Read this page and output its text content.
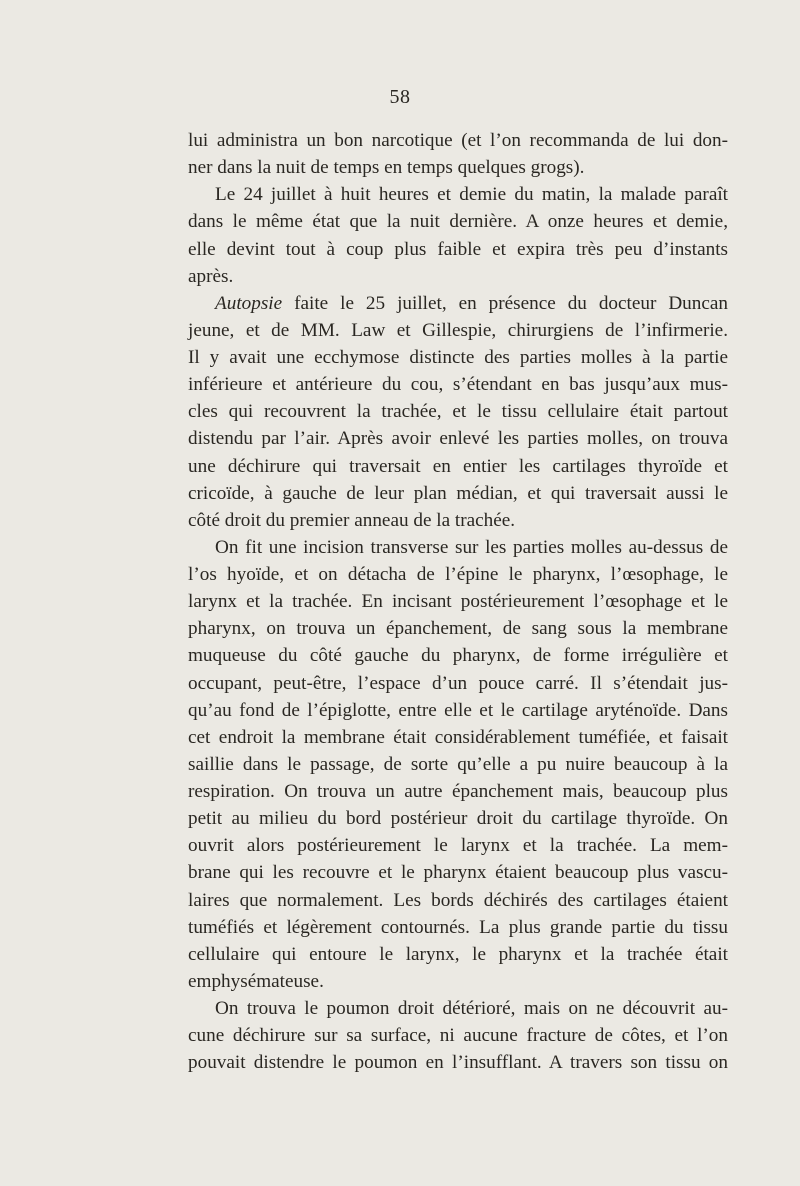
58
lui administra un bon narcotique (et l’on recommanda de lui don-
ner dans la nuit de temps en temps quelques grogs).
Le 24 juillet à huit heures et demie du matin, la malade paraît
dans le même état que la nuit dernière. A onze heures et demie,
elle devint tout à coup plus faible et expira très peu d’instants
après.
Autopsie faite le 25 juillet, en présence du docteur Duncan
jeune, et de MM. Law et Gillespie, chirurgiens de l’infirmerie.
Il y avait une ecchymose distincte des parties molles à la partie
inférieure et antérieure du cou, s’étendant en bas jusqu’aux mus-
cles qui recouvrent la trachée, et le tissu cellulaire était partout
distendu par l’air. Après avoir enlevé les parties molles, on trouva
une déchirure qui traversait en entier les cartilages thyroïde et
cricoïde, à gauche de leur plan médian, et qui traversait aussi le
côté droit du premier anneau de la trachée.
On fit une incision transverse sur les parties molles au-dessus de
l’os hyoïde, et on détacha de l’épine le pharynx, l’œsophage, le
larynx et la trachée. En incisant postérieurement l’œsophage et le
pharynx, on trouva un épanchement, de sang sous la membrane
muqueuse du côté gauche du pharynx, de forme irrégulière et
occupant, peut-être, l’espace d’un pouce carré. Il s’étendait jus-
qu’au fond de l’épiglotte, entre elle et le cartilage aryténoïde. Dans
cet endroit la membrane était considérablement tuméfiée, et faisait
saillie dans le passage, de sorte qu’elle a pu nuire beaucoup à la
respiration. On trouva un autre épanchement mais, beaucoup plus
petit au milieu du bord postérieur droit du cartilage thyroïde. On
ouvrit alors postérieurement le larynx et la trachée. La mem-
brane qui les recouvre et le pharynx étaient beaucoup plus vascu-
laires que normalement. Les bords déchirés des cartilages étaient
tuméfiés et légèrement contournés. La plus grande partie du tissu
cellulaire qui entoure le larynx, le pharynx et la trachée était
emphysémateuse.
On trouva le poumon droit détérioré, mais on ne découvrit au-
cune déchirure sur sa surface, ni aucune fracture de côtes, et l’on
pouvait distendre le poumon en l’insufflant. A travers son tissu on
